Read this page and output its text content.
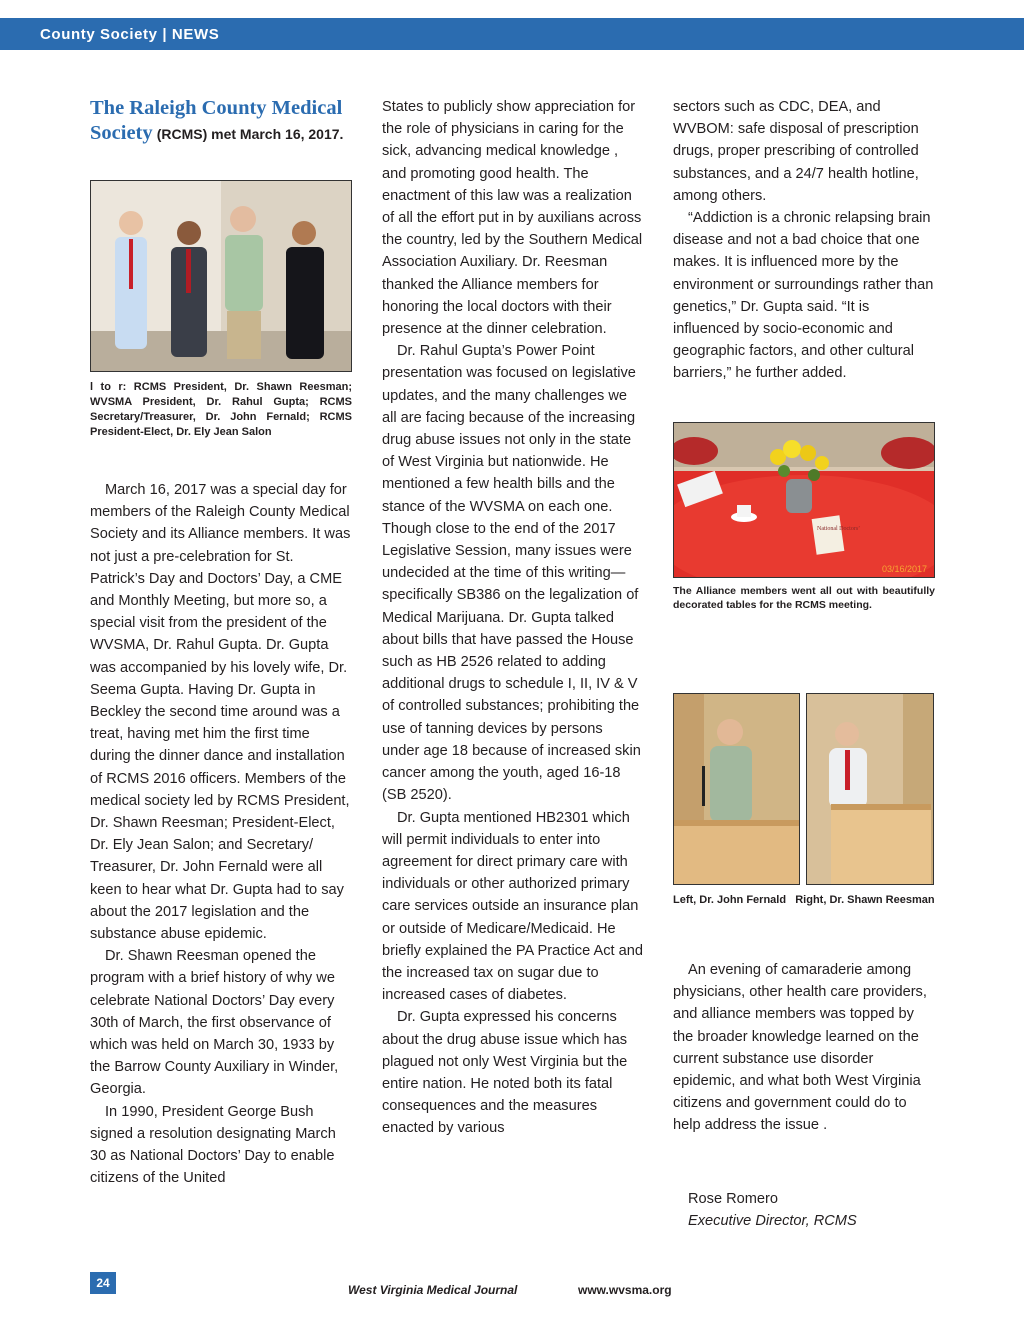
County Society | NEWS

The Raleigh County Medical Society (RCMS) met March 16, 2017.

l to r: RCMS President, Dr. Shawn Reesman; WVSMA President, Dr. Rahul Gupta; RCMS Secretary/Treasurer, Dr. John Fernald; RCMS President-Elect, Dr. Ely Jean Salon

March 16, 2017 was a special day for members of the Raleigh County Medical Society and its Alliance members. It was not just a pre-celebration for St. Patrick’s Day and Doctors’ Day, a CME and Monthly Meeting, but more so, a special visit from the president of the WVSMA, Dr. Rahul Gupta. Dr. Gupta was accompanied by his lovely wife, Dr. Seema Gupta. Having Dr. Gupta in Beckley the second time around was a treat, having met him the first time during the dinner dance and installation of RCMS 2016 officers. Members of the medical society led by RCMS President, Dr. Shawn Reesman; President-Elect, Dr. Ely Jean Salon; and Secretary/ Treasurer, Dr. John Fernald were all keen to hear what Dr. Gupta had to say about the 2017 legislation and the substance abuse epidemic.

Dr. Shawn Reesman opened the program with a brief history of why we celebrate National Doctors’ Day every 30th of March, the first observance of which was held on March 30, 1933 by the Barrow County Auxiliary in Winder, Georgia.

In 1990, President George Bush signed a resolution designating March 30 as National Doctors’ Day to enable citizens of the United

States to publicly show appreciation for the role of physicians in caring for the sick, advancing medical knowledge , and promoting good health. The enactment of this law was a realization of all the effort put in by auxilians across the country, led by the Southern Medical Association Auxiliary. Dr. Reesman thanked the Alliance members for honoring the local doctors with their presence at the dinner celebration.

Dr. Rahul Gupta’s Power Point presentation was focused on legislative updates, and the many challenges we all are facing because of the increasing drug abuse issues not only in the state of West Virginia but nationwide. He mentioned a few health bills and the stance of the WVSMA on each one. Though close to the end of the 2017 Legislative Session, many issues were undecided at the time of this writing—specifically SB386 on the legalization of Medical Marijuana. Dr. Gupta talked about bills that have passed the House such as HB 2526 related to adding additional drugs to schedule I, II, IV & V of controlled substances; prohibiting the use of tanning devices by persons under age 18 because of increased skin cancer among the youth, aged 16-18 (SB 2520).

Dr. Gupta mentioned HB2301 which will permit individuals to enter into agreement for direct primary care with individuals or other authorized primary care services outside an insurance plan or outside of Medicare/Medicaid. He briefly explained the PA Practice Act and the increased tax on sugar due to increased cases of diabetes.

Dr. Gupta expressed his concerns about the drug abuse issue which has plagued not only West Virginia but the entire nation. He noted both its fatal consequences and the measures enacted by various

sectors such as CDC, DEA, and WVBOM: safe disposal of prescription drugs, proper prescribing of controlled substances, and a 24/7 health hotline, among others.

“Addiction is a chronic relapsing brain disease and not a bad choice that one makes. It is influenced more by the environment or surroundings rather than genetics,” Dr. Gupta said. “It is influenced by socio-economic and geographic factors, and other cultural barriers,” he further added.

National Doctors’
03/16/2017
The Alliance members went all out with beautifully decorated tables for the RCMS meeting.
Left, Dr. John Fernald   Right, Dr. Shawn Reesman

An evening of camaraderie among physicians, other health care providers, and alliance members was topped by the broader knowledge learned on the current substance use disorder epidemic, and what both West Virginia citizens and government could do to help address the issue .

Rose Romero

Executive Director, RCMS

24	West Virginia Medical Journal	www.wvsma.org
